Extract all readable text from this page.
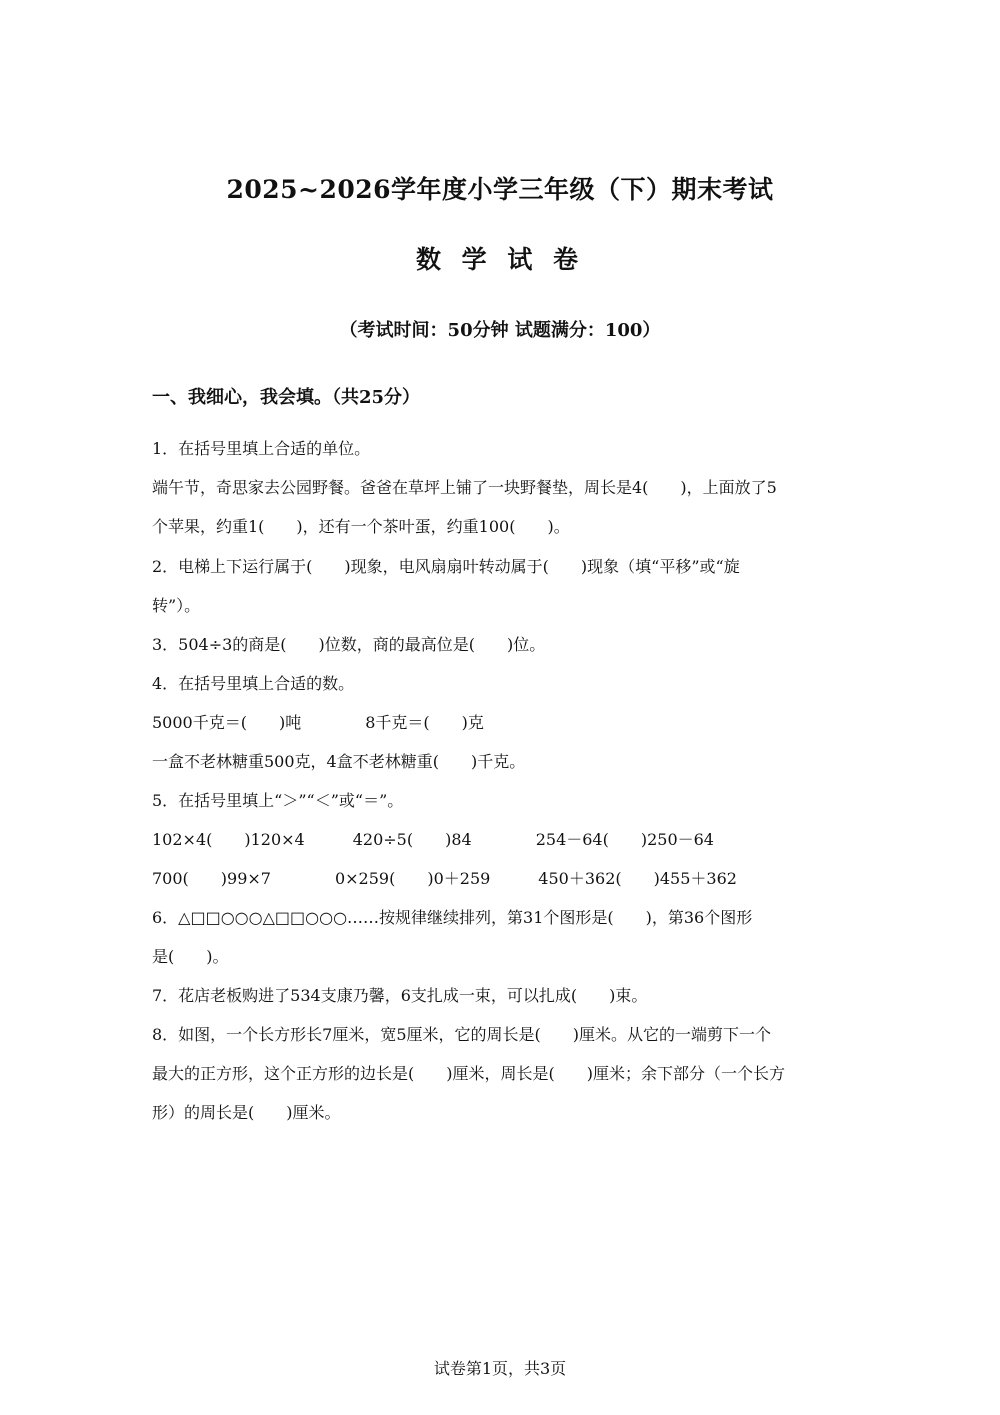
2025~2026学年度小学三年级（下）期末考试
数 学 试 卷
（考试时间：50分钟 试题满分：100）
一、我细心，我会填。（共25分）
1．在括号里填上合适的单位。
端午节，奇思家去公园野餐。爸爸在草坪上铺了一块野餐垫，周长是4(　　)，上面放了5
个苹果，约重1(　　)，还有一个茶叶蛋，约重100(　　)。
2．电梯上下运行属于(　　)现象，电风扇扇叶转动属于(　　)现象（填“平移”或“旋
转”）。
3．504÷3的商是(　　)位数，商的最高位是(　　)位。
4．在括号里填上合适的数。
5000千克＝(　　)吨　　　　8千克＝(　　)克
一盒不老林糖重500克，4盒不老林糖重(　　)千克。
5．在括号里填上“＞”“＜”或“＝”。
102×4(　　)120×4　　　420÷5(　　)84　　　　254－64(　　)250－64
700(　　)99×7　　　　0×259(　　)0＋259　　　450＋362(　　)455＋362
6．△□□○○○△□□○○○……按规律继续排列，第31个图形是(　　)，第36个图形
是(　　)。
7．花店老板购进了534支康乃馨，6支扎成一束，可以扎成(　　)束。
8．如图，一个长方形长7厘米，宽5厘米，它的周长是(　　)厘米。从它的一端剪下一个
最大的正方形，这个正方形的边长是(　　)厘米，周长是(　　)厘米；余下部分（一个长方
形）的周长是(　　)厘米。
试卷第1页，共3页
